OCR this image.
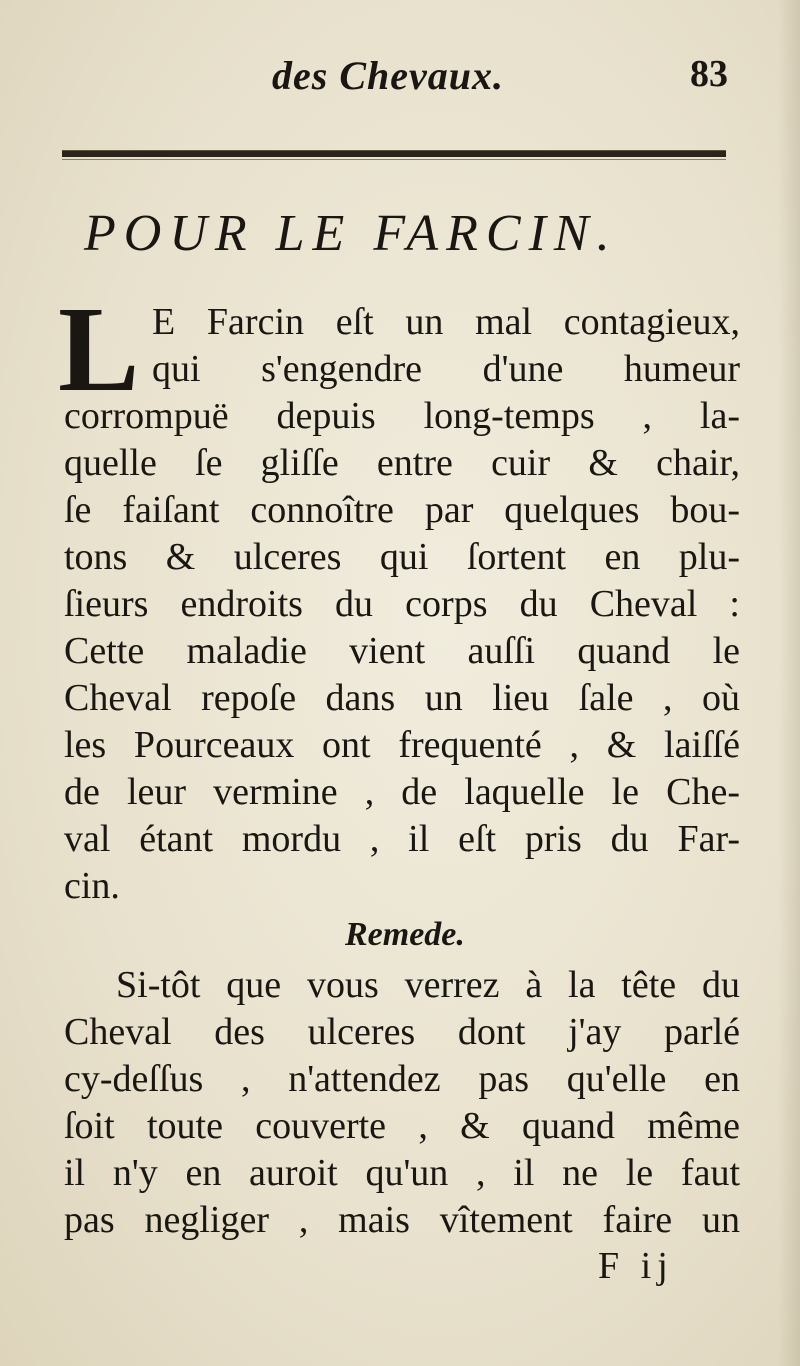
des Chevaux.	83
POUR LE FARCIN.
L E Farcin eſt un mal contagieux,
qui s'engendre d'une humeur
corrompuë depuis long-temps , la-
quelle ſe gliſſe entre cuir & chair,
ſe faiſant connoître par quelques bou-
tons & ulceres qui ſortent en plu-
ſieurs endroits du corps du Cheval :
Cette maladie vient auſſi quand le
Cheval repoſe dans un lieu ſale , où
les Pourceaux ont frequenté , & laiſſé
de leur vermine , de laquelle le Che-
val étant mordu , il eſt pris du Far-
cin.
Remede.
Si-tôt que vous verrez à la tête du
Cheval des ulceres dont j'ay parlé
cy-deſſus , n'attendez pas qu'elle en
ſoit toute couverte , & quand même
il n'y en auroit qu'un , il ne le faut
pas negliger , mais vîtement faire un
F ij
